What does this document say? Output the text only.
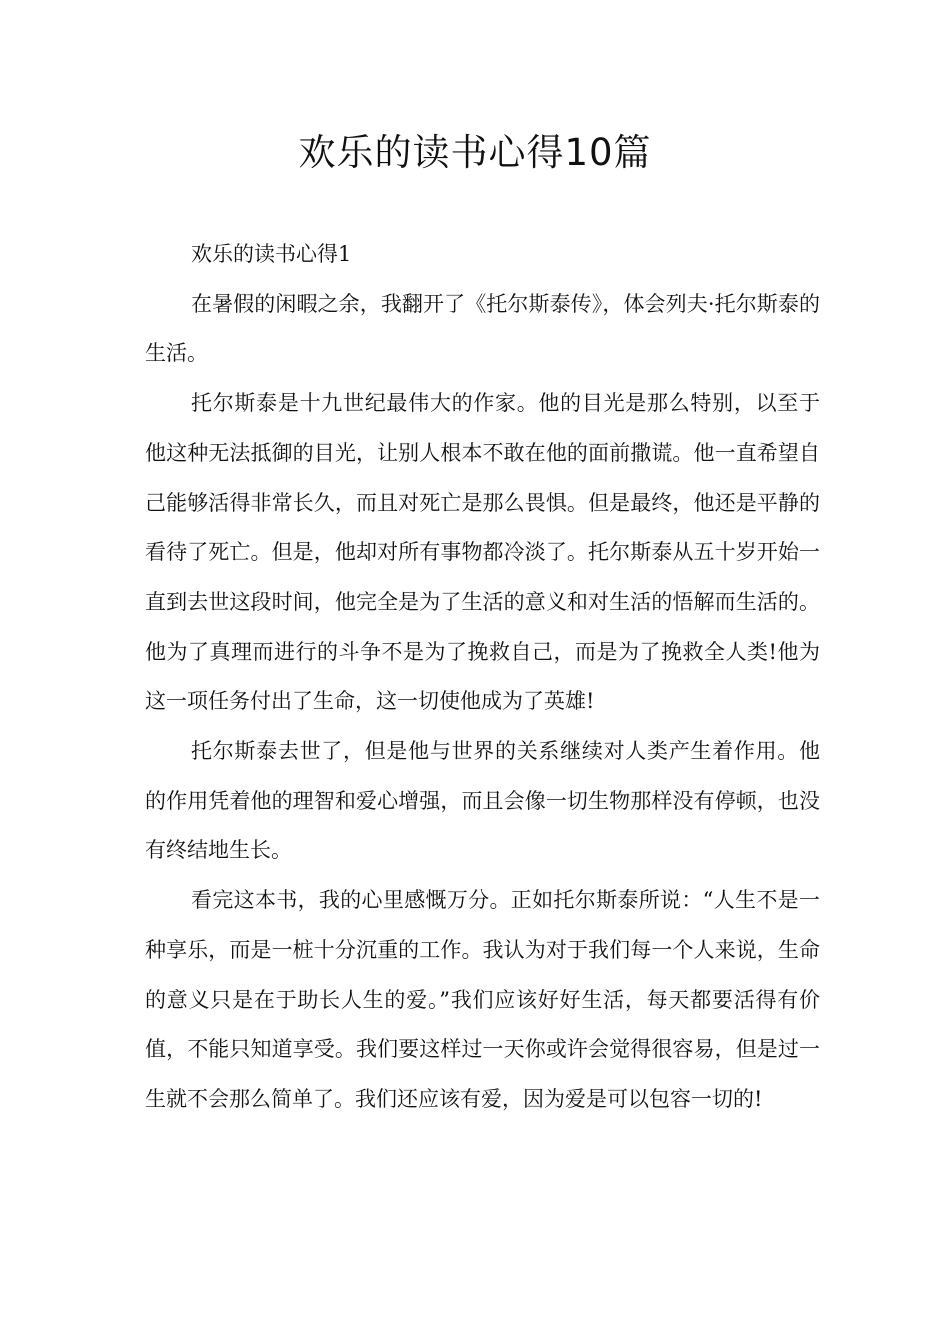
欢乐的读书心得10篇

欢乐的读书心得1

在暑假的闲暇之余，我翻开了《托尔斯泰传》，体会列夫·托尔斯泰的生活。

托尔斯泰是十九世纪最伟大的作家。他的目光是那么特别，以至于他这种无法抵御的目光，让别人根本不敢在他的面前撒谎。他一直希望自己能够活得非常长久，而且对死亡是那么畏惧。但是最终，他还是平静的看待了死亡。但是，他却对所有事物都冷淡了。托尔斯泰从五十岁开始一直到去世这段时间，他完全是为了生活的意义和对生活的悟解而生活的。他为了真理而进行的斗争不是为了挽救自己，而是为了挽救全人类!他为这一项任务付出了生命，这一切使他成为了英雄!

托尔斯泰去世了，但是他与世界的关系继续对人类产生着作用。他的作用凭着他的理智和爱心增强，而且会像一切生物那样没有停顿，也没有终结地生长。

看完这本书，我的心里感慨万分。正如托尔斯泰所说：“人生不是一种享乐，而是一桩十分沉重的工作。我认为对于我们每一个人来说，生命的意义只是在于助长人生的爱。”我们应该好好生活，每天都要活得有价值，不能只知道享受。我们要这样过一天你或许会觉得很容易，但是过一生就不会那么简单了。我们还应该有爱，因为爱是可以包容一切的!
